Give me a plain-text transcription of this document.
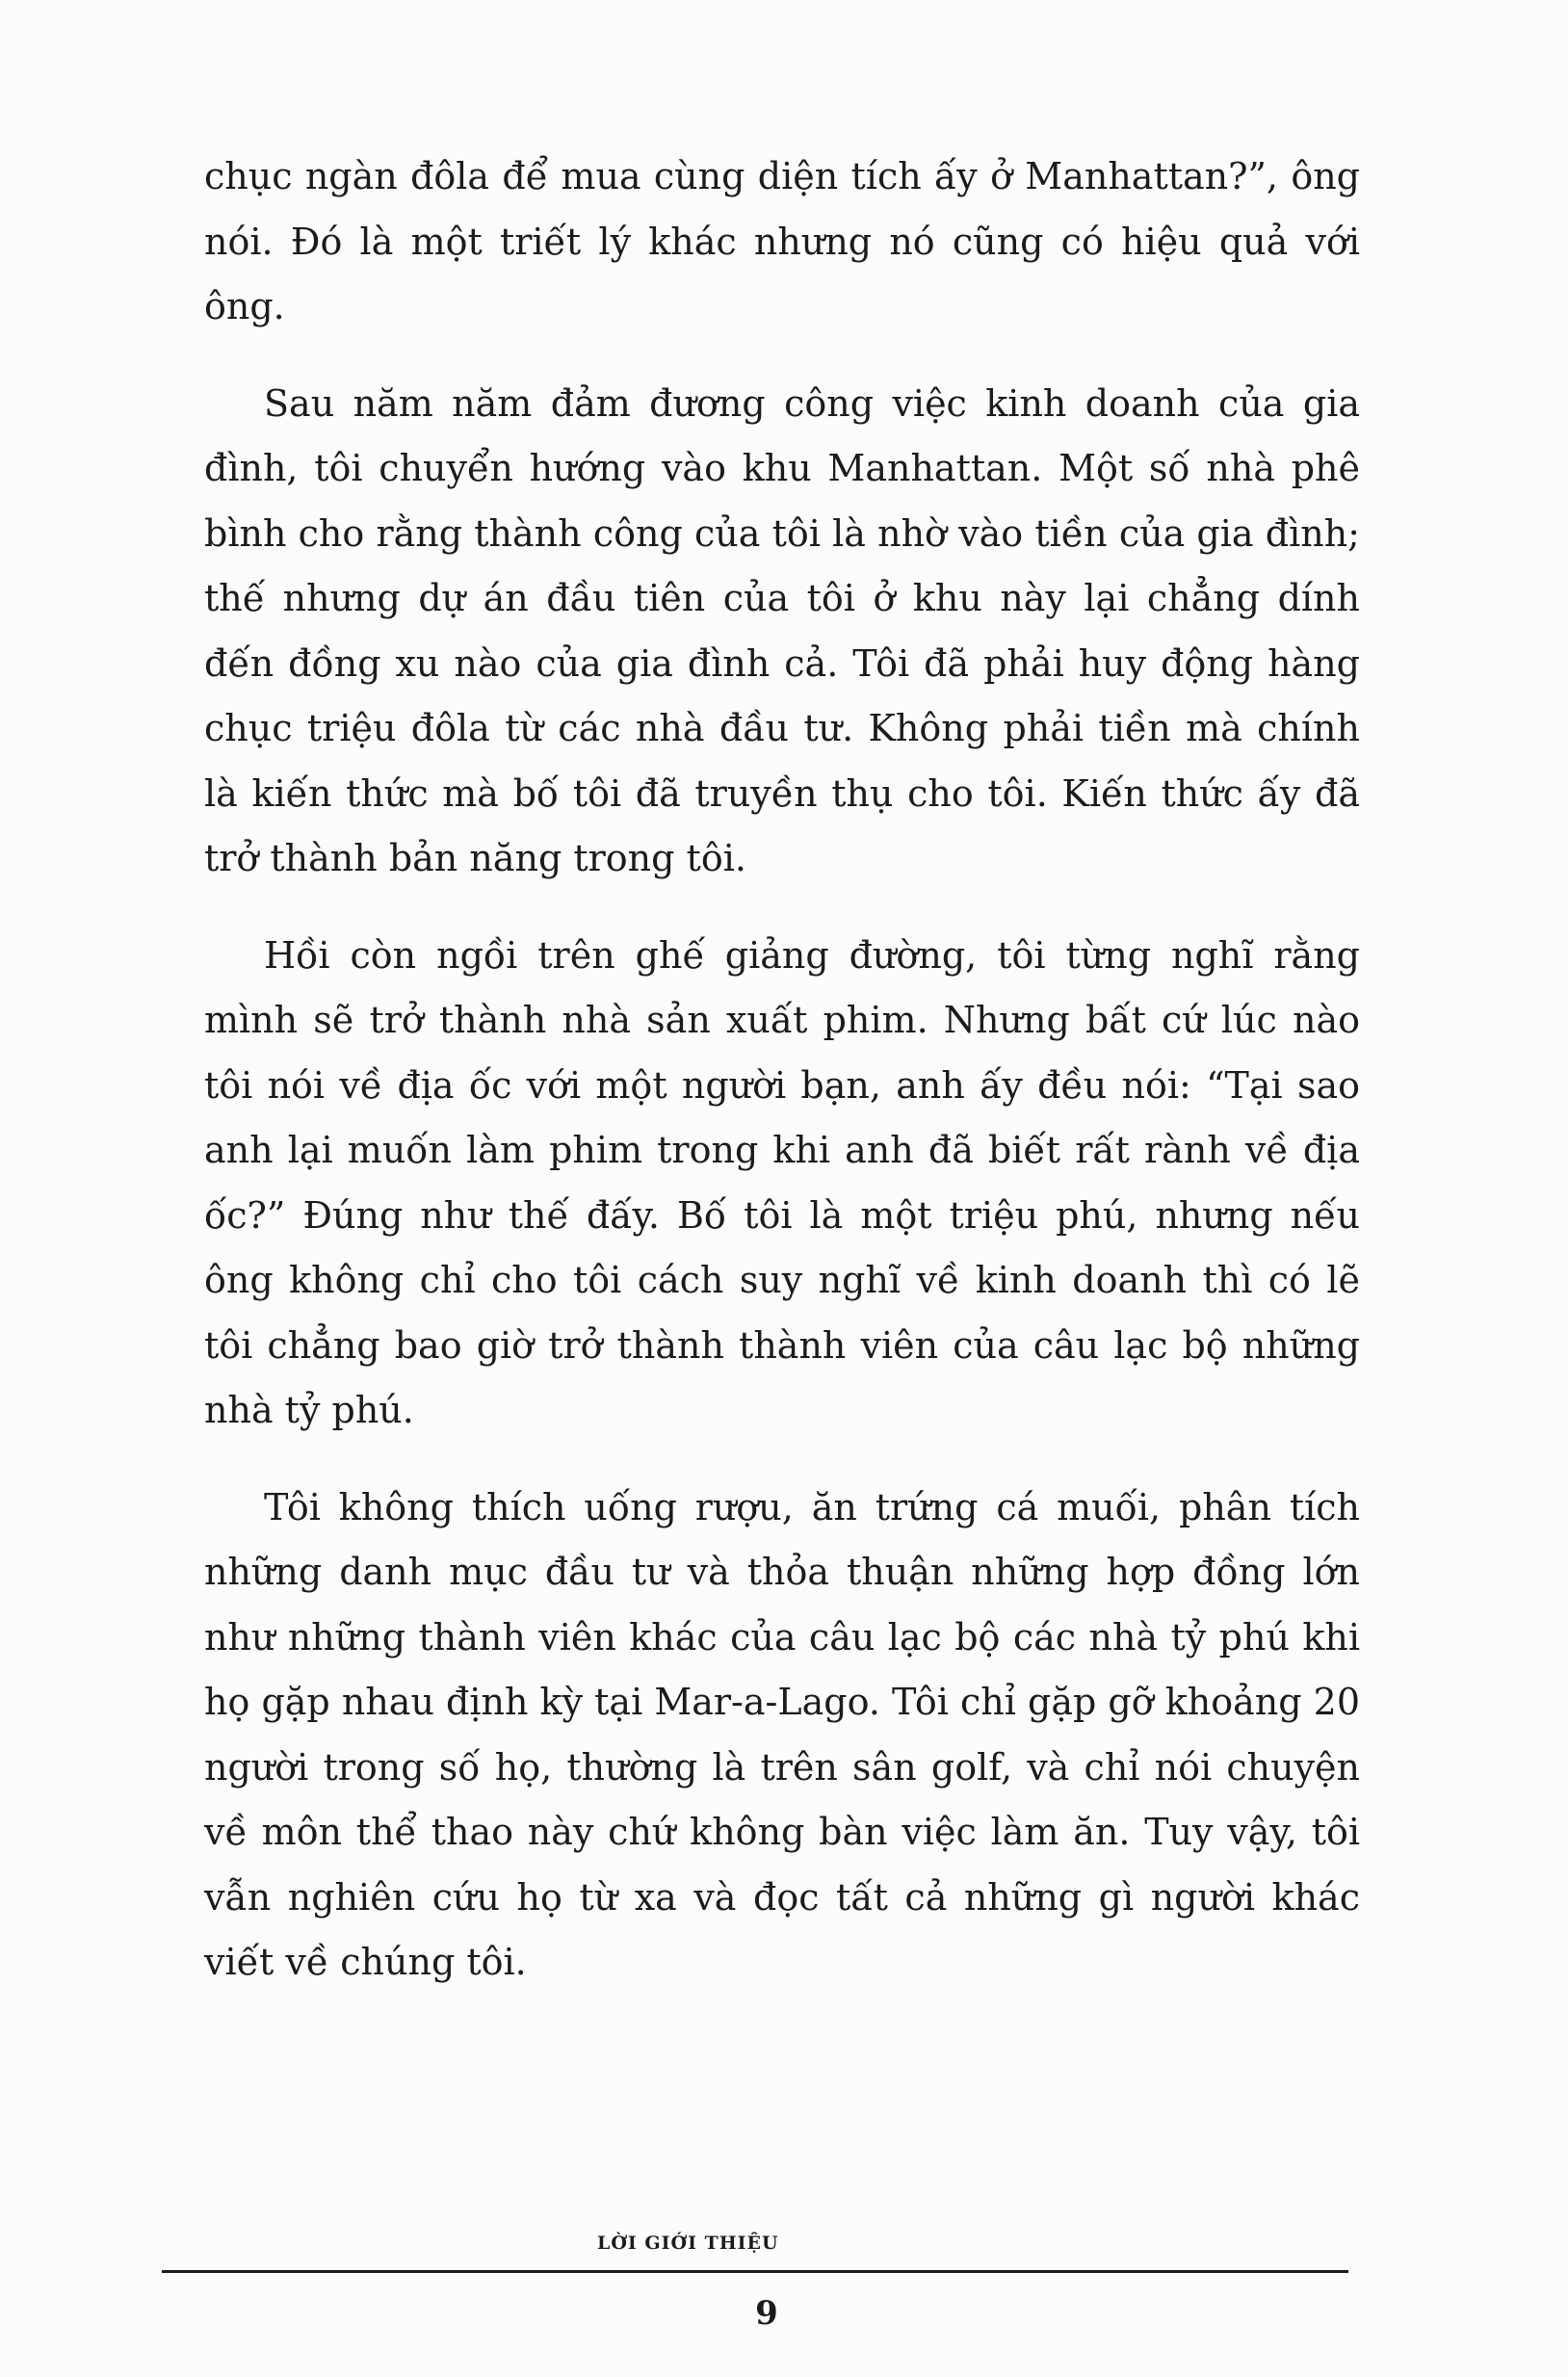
chục ngàn đôla để mua cùng diện tích ấy ở Manhattan?”, ông nói. Đó là một triết lý khác nhưng nó cũng có hiệu quả với ông.

Sau năm năm đảm đương công việc kinh doanh của gia đình, tôi chuyển hướng vào khu Manhattan. Một số nhà phê bình cho rằng thành công của tôi là nhờ vào tiền của gia đình; thế nhưng dự án đầu tiên của tôi ở khu này lại chẳng dính đến đồng xu nào của gia đình cả. Tôi đã phải huy động hàng chục triệu đôla từ các nhà đầu tư. Không phải tiền mà chính là kiến thức mà bố tôi đã truyền thụ cho tôi. Kiến thức ấy đã trở thành bản năng trong tôi.

Hồi còn ngồi trên ghế giảng đường, tôi từng nghĩ rằng mình sẽ trở thành nhà sản xuất phim. Nhưng bất cứ lúc nào tôi nói về địa ốc với một người bạn, anh ấy đều nói: “Tại sao anh lại muốn làm phim trong khi anh đã biết rất rành về địa ốc?” Đúng như thế đấy. Bố tôi là một triệu phú, nhưng nếu ông không chỉ cho tôi cách suy nghĩ về kinh doanh thì có lẽ tôi chẳng bao giờ trở thành thành viên của câu lạc bộ những nhà tỷ phú.

Tôi không thích uống rượu, ăn trứng cá muối, phân tích những danh mục đầu tư và thỏa thuận những hợp đồng lớn như những thành viên khác của câu lạc bộ các nhà tỷ phú khi họ gặp nhau định kỳ tại Mar-a-Lago. Tôi chỉ gặp gỡ khoảng 20 người trong số họ, thường là trên sân golf, và chỉ nói chuyện về môn thể thao này chứ không bàn việc làm ăn. Tuy vậy, tôi vẫn nghiên cứu họ từ xa và đọc tất cả những gì người khác viết về chúng tôi.

LỜI GIỚI THIỆU
9
